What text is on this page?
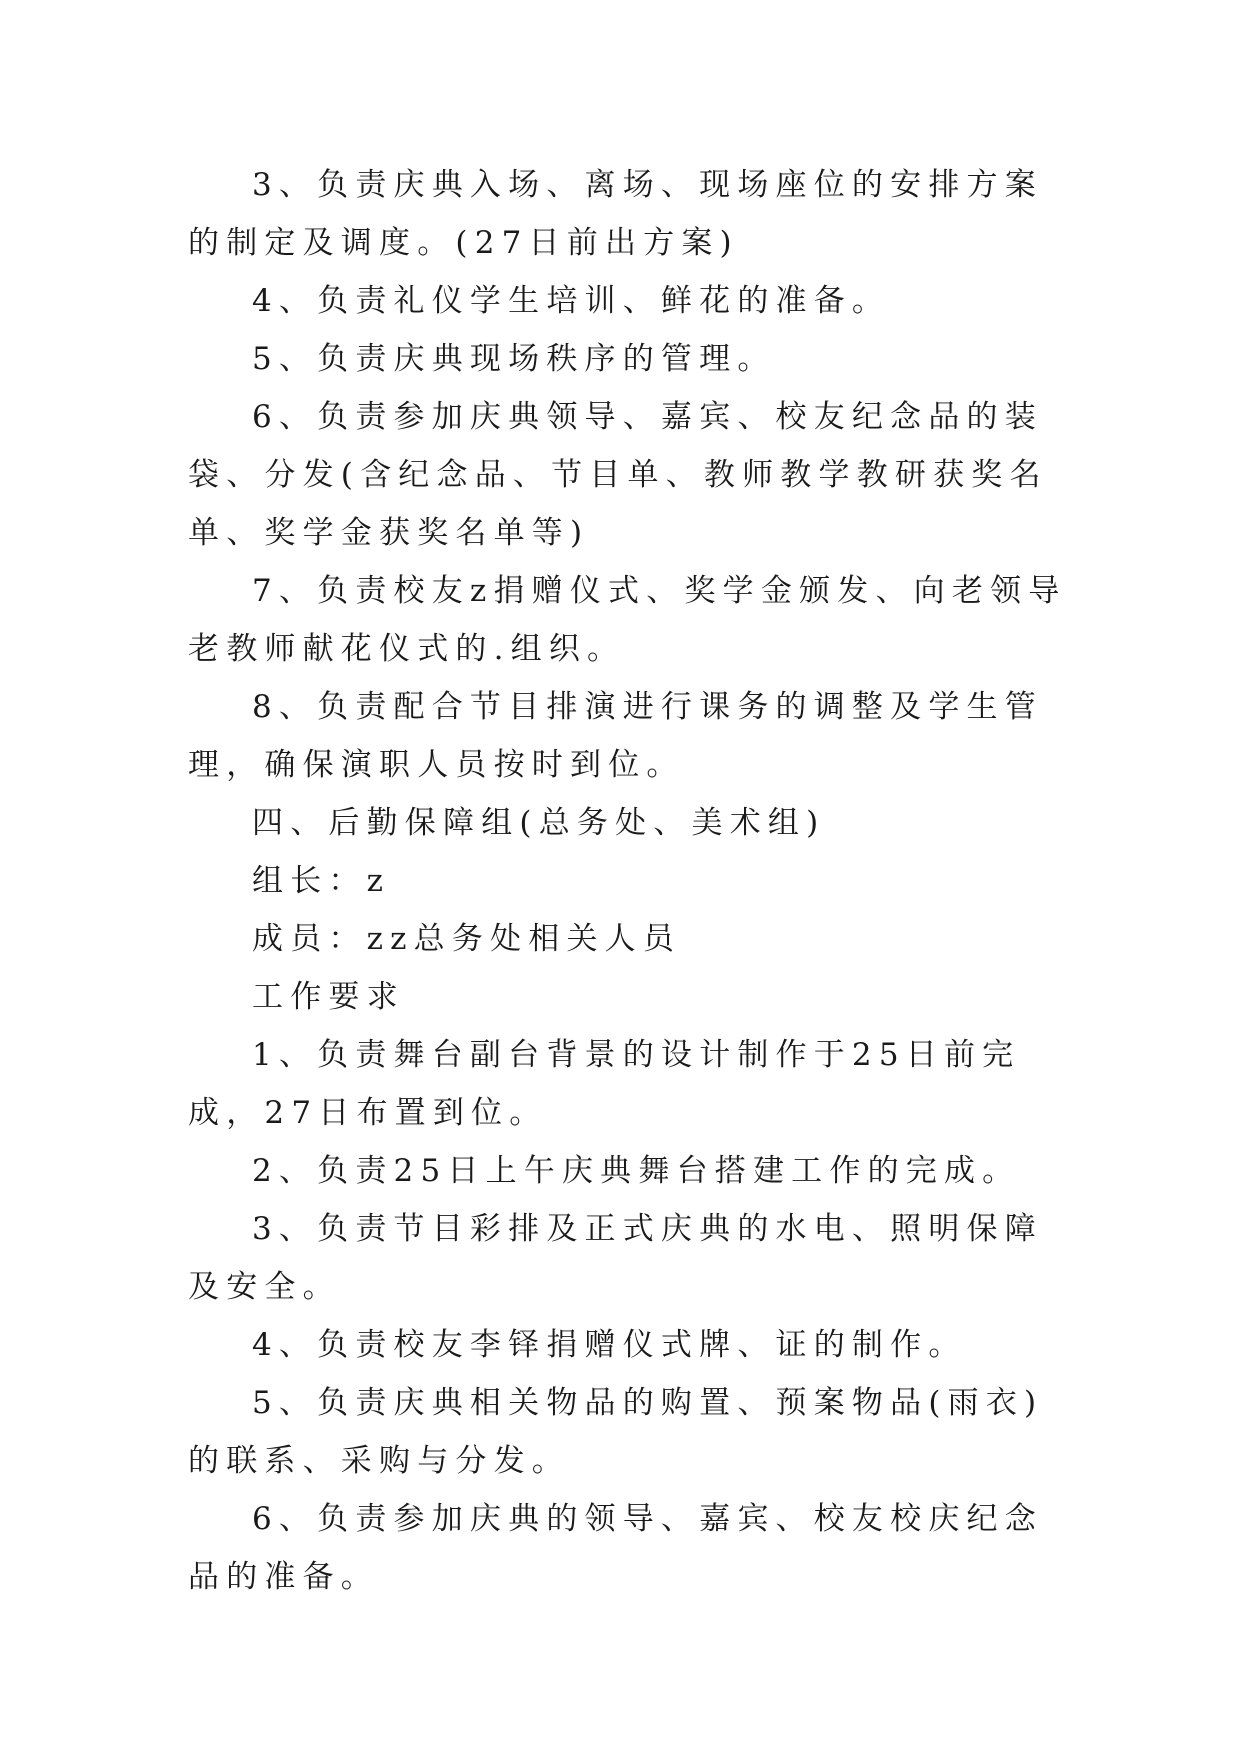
3、负责庆典入场、离场、现场座位的安排方案的制定及调度。(27日前出方案)

4、负责礼仪学生培训、鲜花的准备。

5、负责庆典现场秩序的管理。

6、负责参加庆典领导、嘉宾、校友纪念品的装袋、分发(含纪念品、节目单、教师教学教研获奖名单、奖学金获奖名单等)

7、负责校友z捐赠仪式、奖学金颁发、向老领导老教师献花仪式的.组织。

8、负责配合节目排演进行课务的调整及学生管理，确保演职人员按时到位。

四、后勤保障组(总务处、美术组)

组长：z

成员：zz总务处相关人员

工作要求

1、负责舞台副台背景的设计制作于25日前完成，27日布置到位。

2、负责25日上午庆典舞台搭建工作的完成。

3、负责节目彩排及正式庆典的水电、照明保障及安全。

4、负责校友李铎捐赠仪式牌、证的制作。

5、负责庆典相关物品的购置、预案物品(雨衣)的联系、采购与分发。

6、负责参加庆典的领导、嘉宾、校友校庆纪念品的准备。
